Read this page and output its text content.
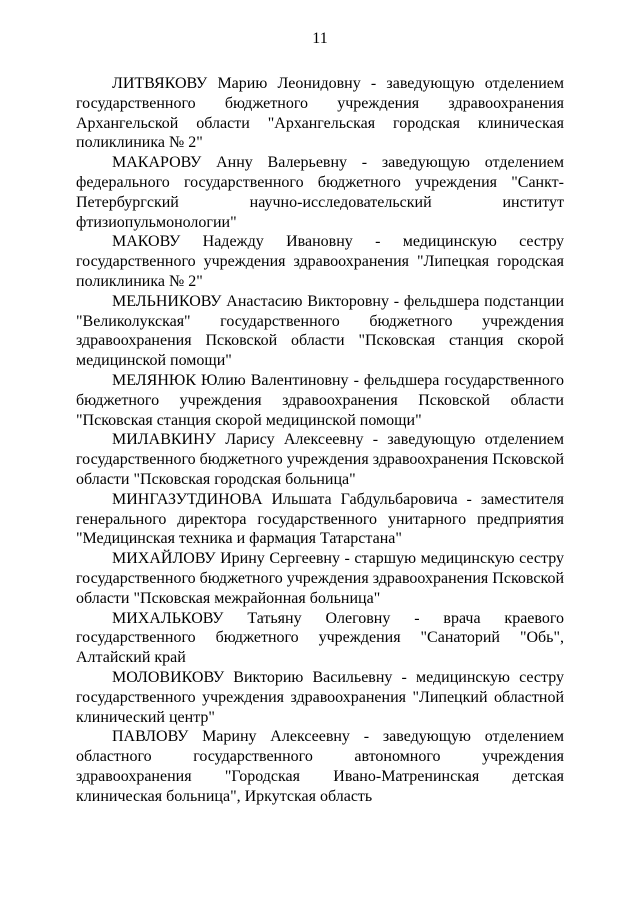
11

ЛИТВЯКОВУ Марию Леонидовну - заведующую отделением государственного бюджетного учреждения здравоохранения Архангельской области "Архангельская городская клиническая поликлиника № 2"

МАКАРОВУ Анну Валерьевну - заведующую отделением федерального государственного бюджетного учреждения "Санкт-Петербургский научно-исследовательский институт фтизиопульмонологии"

МАКОВУ Надежду Ивановну - медицинскую сестру государственного учреждения здравоохранения "Липецкая городская поликлиника № 2"

МЕЛЬНИКОВУ Анастасию Викторовну - фельдшера подстанции "Великолукская" государственного бюджетного учреждения здравоохранения Псковской области "Псковская станция скорой медицинской помощи"

МЕЛЯНЮК Юлию Валентиновну - фельдшера государственного бюджетного учреждения здравоохранения Псковской области "Псковская станция скорой медицинской помощи"

МИЛАВКИНУ Ларису Алексеевну - заведующую отделением государственного бюджетного учреждения здравоохранения Псковской области "Псковская городская больница"

МИНГАЗУТДИНОВА Ильшата Габдульбаровича - заместителя генерального директора государственного унитарного предприятия "Медицинская техника и фармация Татарстана"

МИХАЙЛОВУ Ирину Сергеевну - старшую медицинскую сестру государственного бюджетного учреждения здравоохранения Псковской области "Псковская межрайонная больница"

МИХАЛЬКОВУ Татьяну Олеговну - врача краевого государственного бюджетного учреждения "Санаторий "Обь", Алтайский край

МОЛОВИКОВУ Викторию Васильевну - медицинскую сестру государственного учреждения здравоохранения "Липецкий областной клинический центр"

ПАВЛОВУ Марину Алексеевну - заведующую отделением областного государственного автономного учреждения здравоохранения "Городская Ивано-Матренинская детская клиническая больница", Иркутская область
